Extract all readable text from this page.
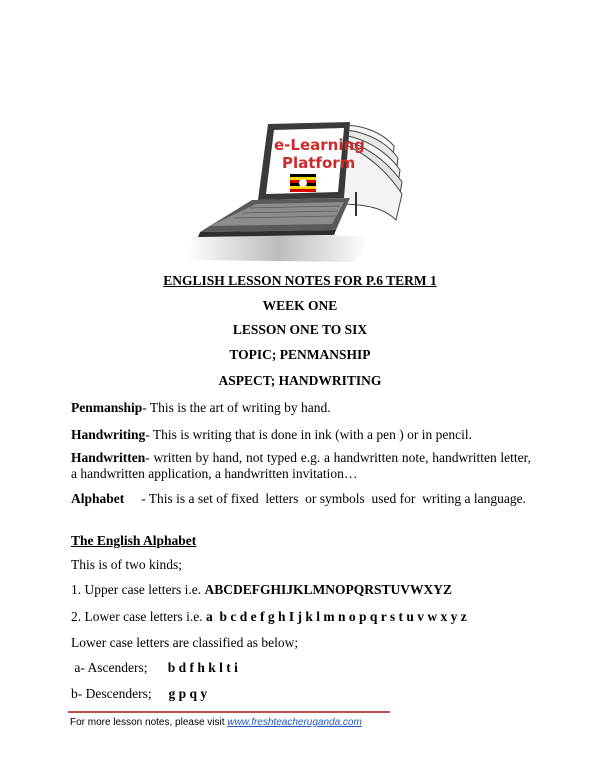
e-Learning
Platform
ENGLISH LESSON NOTES FOR P.6 TERM 1
WEEK ONE
LESSON ONE TO SIX
TOPIC; PENMANSHIP
ASPECT; HANDWRITING
Penmanship- This is the art of writing by hand.
Handwriting- This is writing that is done in ink (with a pen ) or in pencil.
Handwritten- written by hand, not typed e.g. a handwritten note, handwritten letter, a handwritten application, a handwritten invitation…
Alphabet     - This is a set of fixed  letters  or symbols  used for  writing a language.
The English Alphabet
This is of two kinds;
1. Upper case letters i.e. ABCDEFGHIJKLMNOPQRSTUVWXYZ
2. Lower case letters i.e. a  b c d e f g h I j k l m n o p q r s t u v w x y z
Lower case letters are classified as below;
a- Ascenders; b d f h k l t i
b- Descenders; g p q y
For more lesson notes, please visit www.freshteacheruganda.com
